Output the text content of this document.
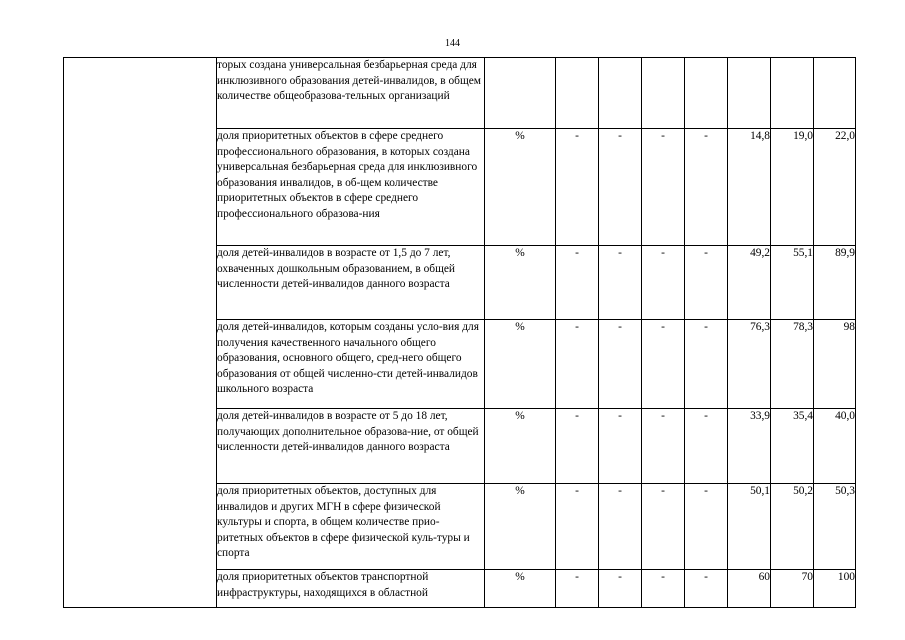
144
	торых создана универсальная безбарьерная среда для инклюзивного образования детей-инвалидов, в общем количестве общеобразова-тельных организаций								
	доля приоритетных объектов в сфере среднего профессионального образования, в которых создана универсальная безбарьерная среда для инклюзивного образования инвалидов, в об-щем количестве приоритетных объектов в сфере среднего профессионального образова-ния	%	-	-	-	-	14,8	19,0	22,0
	доля детей-инвалидов в возрасте от 1,5 до 7 лет, охваченных дошкольным образованием, в общей численности детей-инвалидов данного возраста	%	-	-	-	-	49,2	55,1	89,9
	доля детей-инвалидов, которым созданы усло-вия для получения качественного начального общего образования, основного общего, сред-него общего образования от общей численно-сти детей-инвалидов школьного возраста	%	-	-	-	-	76,3	78,3	98
	доля детей-инвалидов в возрасте от 5 до 18 лет, получающих дополнительное образова-ние, от общей численности детей-инвалидов данного возраста	%	-	-	-	-	33,9	35,4	40,0
	доля приоритетных объектов, доступных для инвалидов и других МГН в сфере физической культуры и спорта, в общем количестве прио-ритетных объектов в сфере физической куль-туры и спорта	%	-	-	-	-	50,1	50,2	50,3
	доля приоритетных объектов транспортной инфраструктуры, находящихся в областной	%	-	-	-	-	60	70	100
